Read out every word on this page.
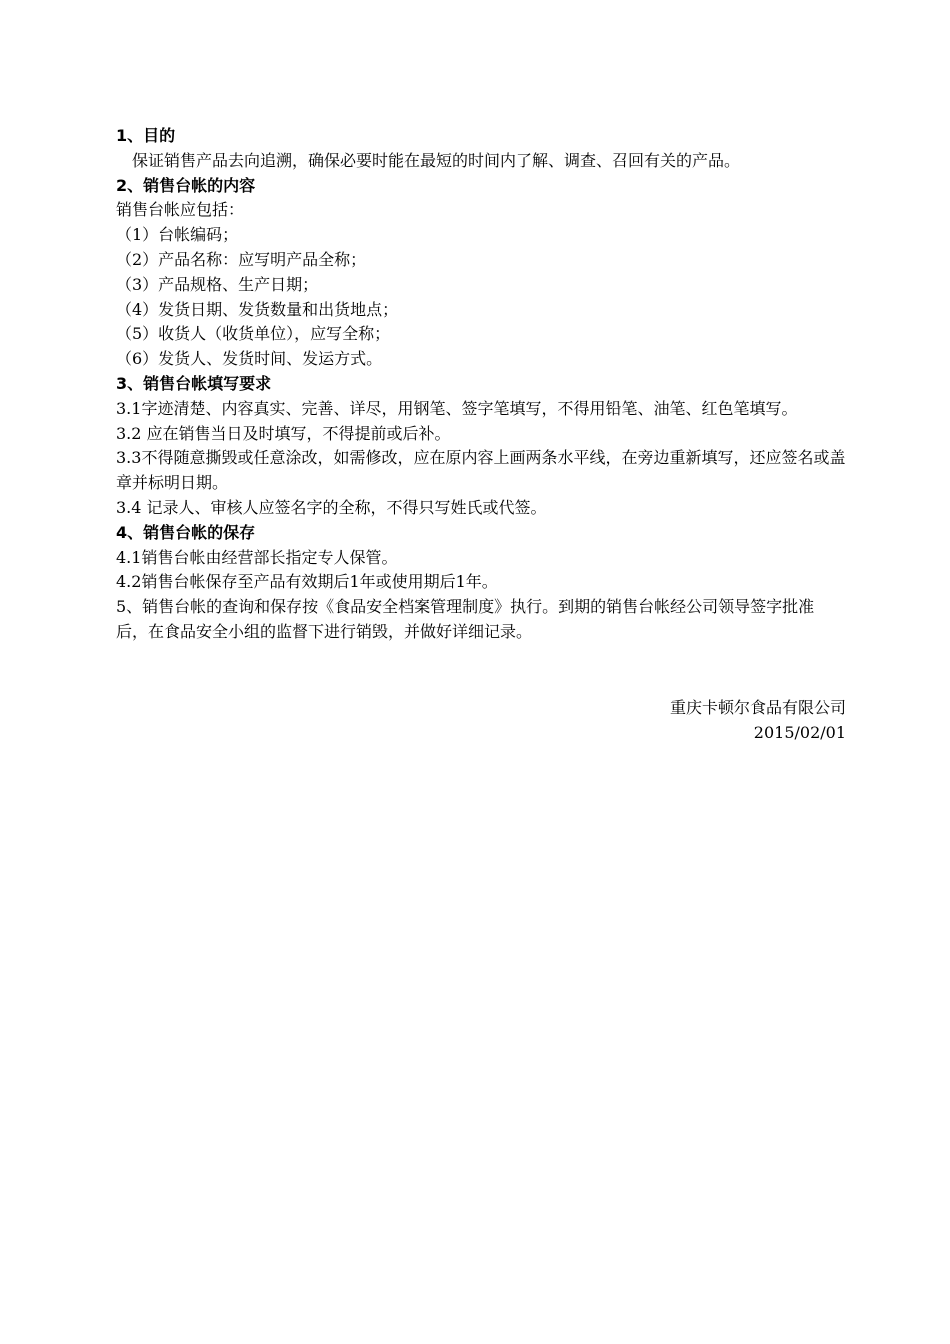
1、目的
保证销售产品去向追溯，确保必要时能在最短的时间内了解、调查、召回有关的产品。
2、销售台帐的内容
销售台帐应包括：
（1）台帐编码；
（2）产品名称：应写明产品全称；
（3）产品规格、生产日期；
（4）发货日期、发货数量和出货地点；
（5）收货人（收货单位），应写全称；
（6）发货人、发货时间、发运方式。
3、销售台帐填写要求
3.1字迹清楚、内容真实、完善、详尽，用钢笔、签字笔填写，不得用铅笔、油笔、红色笔填写。
3.2 应在销售当日及时填写，不得提前或后补。
3.3不得随意撕毁或任意涂改，如需修改，应在原内容上画两条水平线，在旁边重新填写，还应签名或盖章并标明日期。
3.4 记录人、审核人应签名字的全称，不得只写姓氏或代签。
4、销售台帐的保存
4.1销售台帐由经营部长指定专人保管。
4.2销售台帐保存至产品有效期后1年或使用期后1年。
5、销售台帐的查询和保存按《食品安全档案管理制度》执行。到期的销售台帐经公司领导签字批准后，在食品安全小组的监督下进行销毁，并做好详细记录。
重庆卡顿尔食品有限公司
2015/02/01
